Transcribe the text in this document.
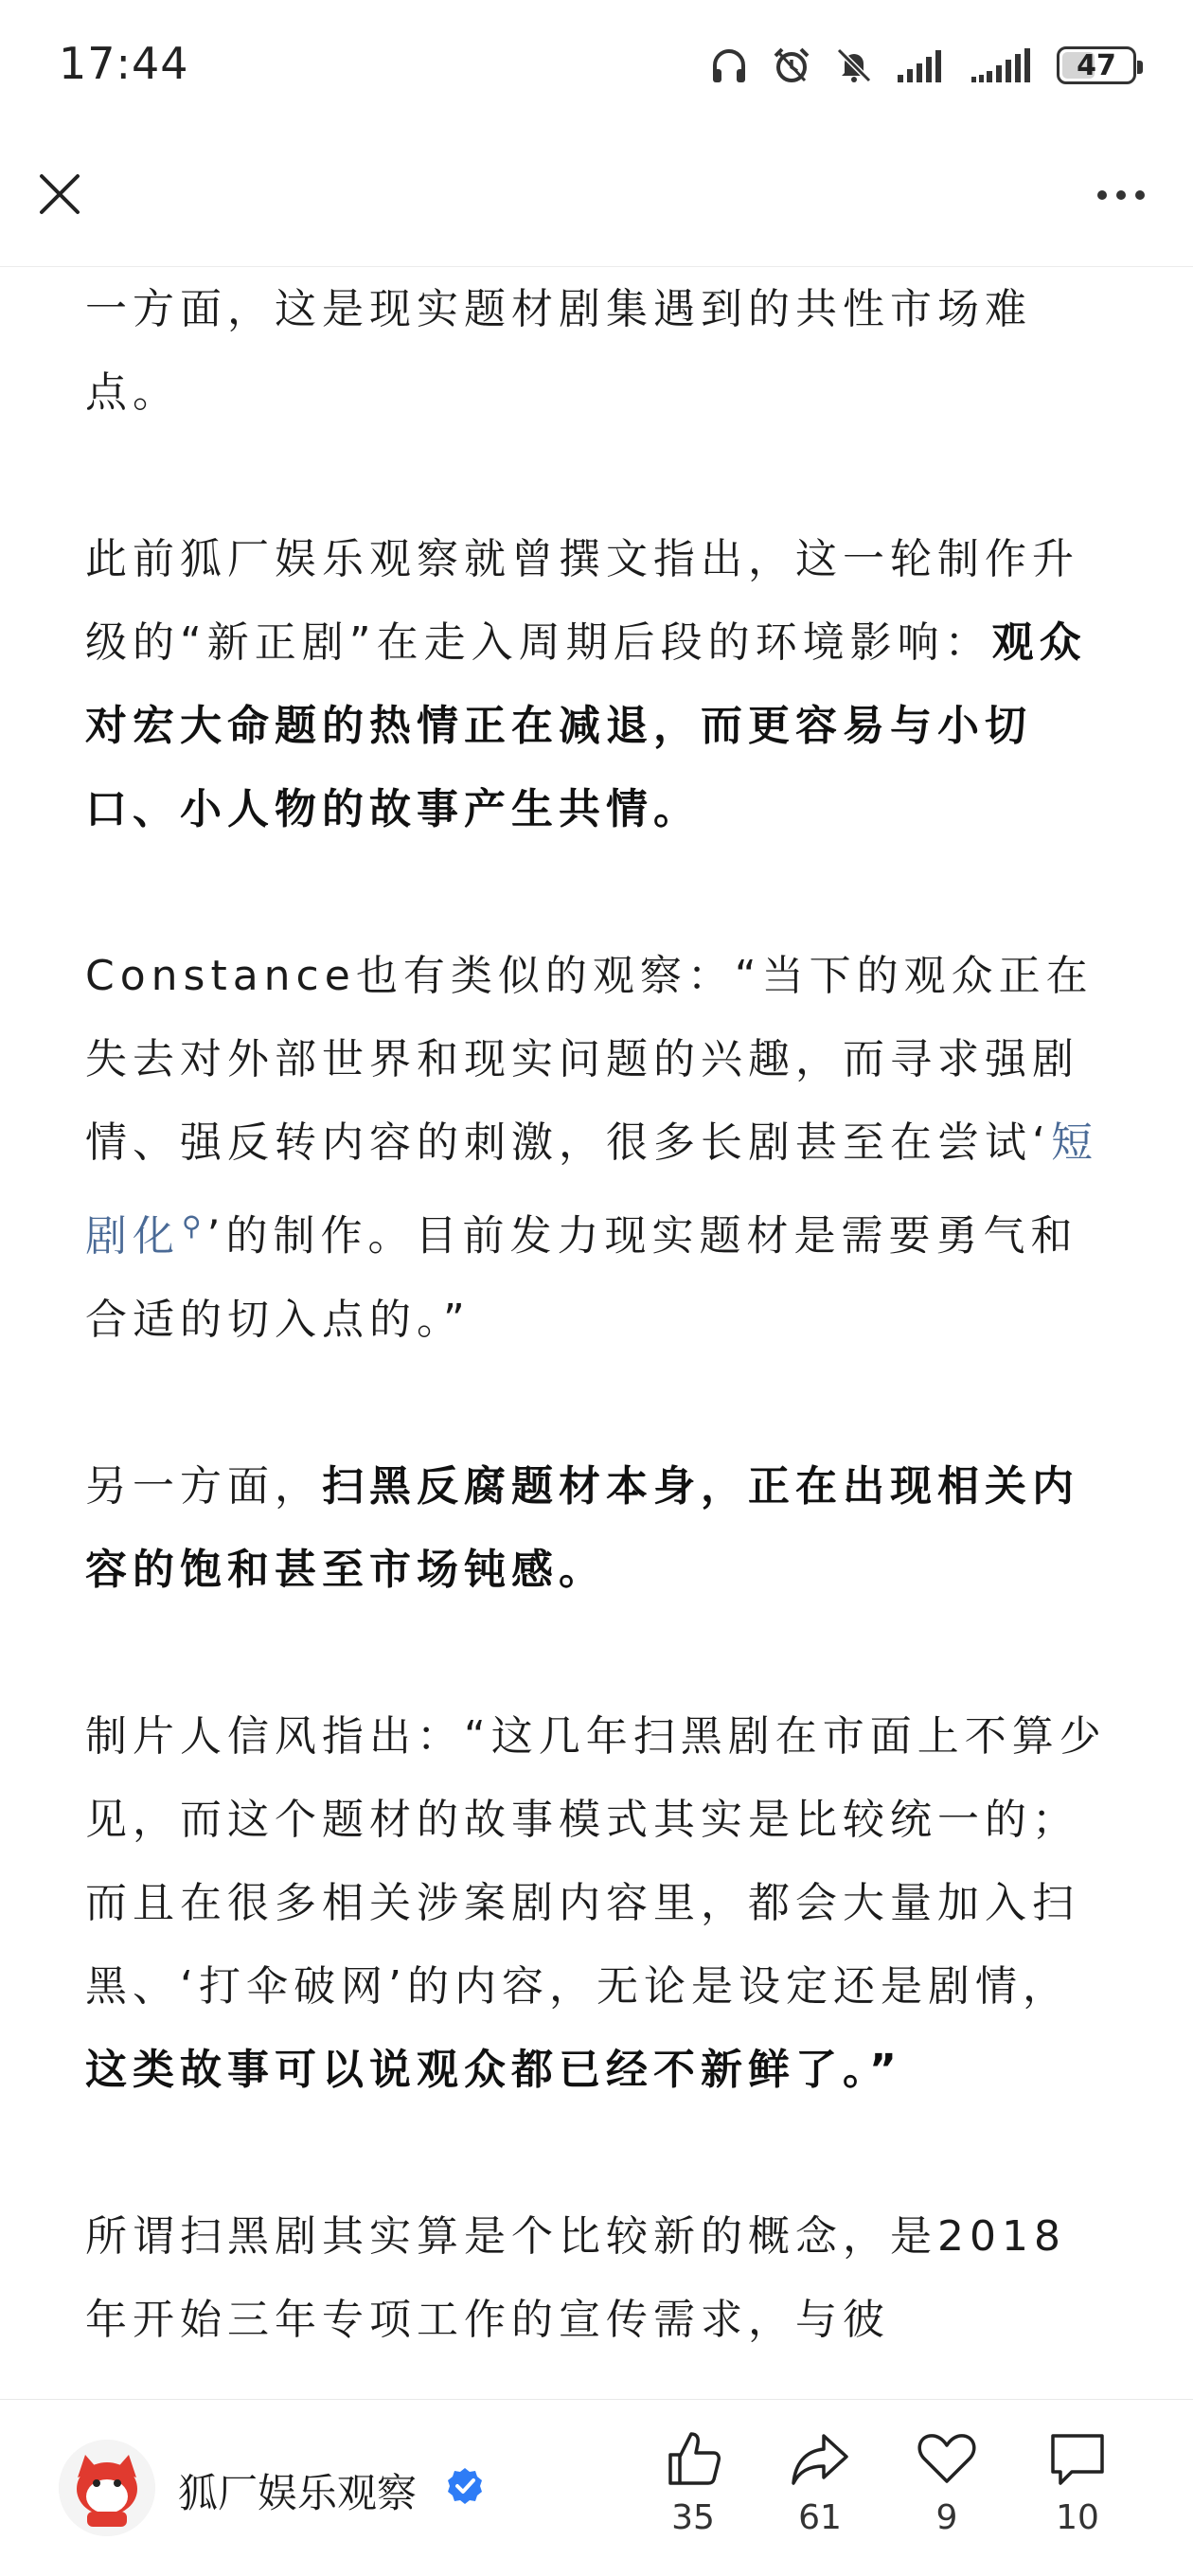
17:44	47

一方面，这是现实题材剧集遇到的共性市场难点。

此前狐厂娱乐观察就曾撰文指出，这一轮制作升级的“新正剧”在走入周期后段的环境影响：观众对宏大命题的热情正在减退，而更容易与小切口、小人物的故事产生共情。

Constance也有类似的观察：“当下的观众正在失去对外部世界和现实问题的兴趣，而寻求强剧情、强反转内容的刺激，很多长剧甚至在尝试‘短剧化⚲’的制作。目前发力现实题材是需要勇气和合适的切入点的。”

另一方面，扫黑反腐题材本身，正在出现相关内容的饱和甚至市场钝感。

制片人信风指出：“这几年扫黑剧在市面上不算少见，而这个题材的故事模式其实是比较统一的；而且在很多相关涉案剧内容里，都会大量加入扫黑、‘打伞破网’的内容，无论是设定还是剧情，这类故事可以说观众都已经不新鲜了。”

所谓扫黑剧其实算是个比较新的概念，是2018年开始三年专项工作的宣传需求，与彼

狐厂娱乐观察
35 61	9	10
